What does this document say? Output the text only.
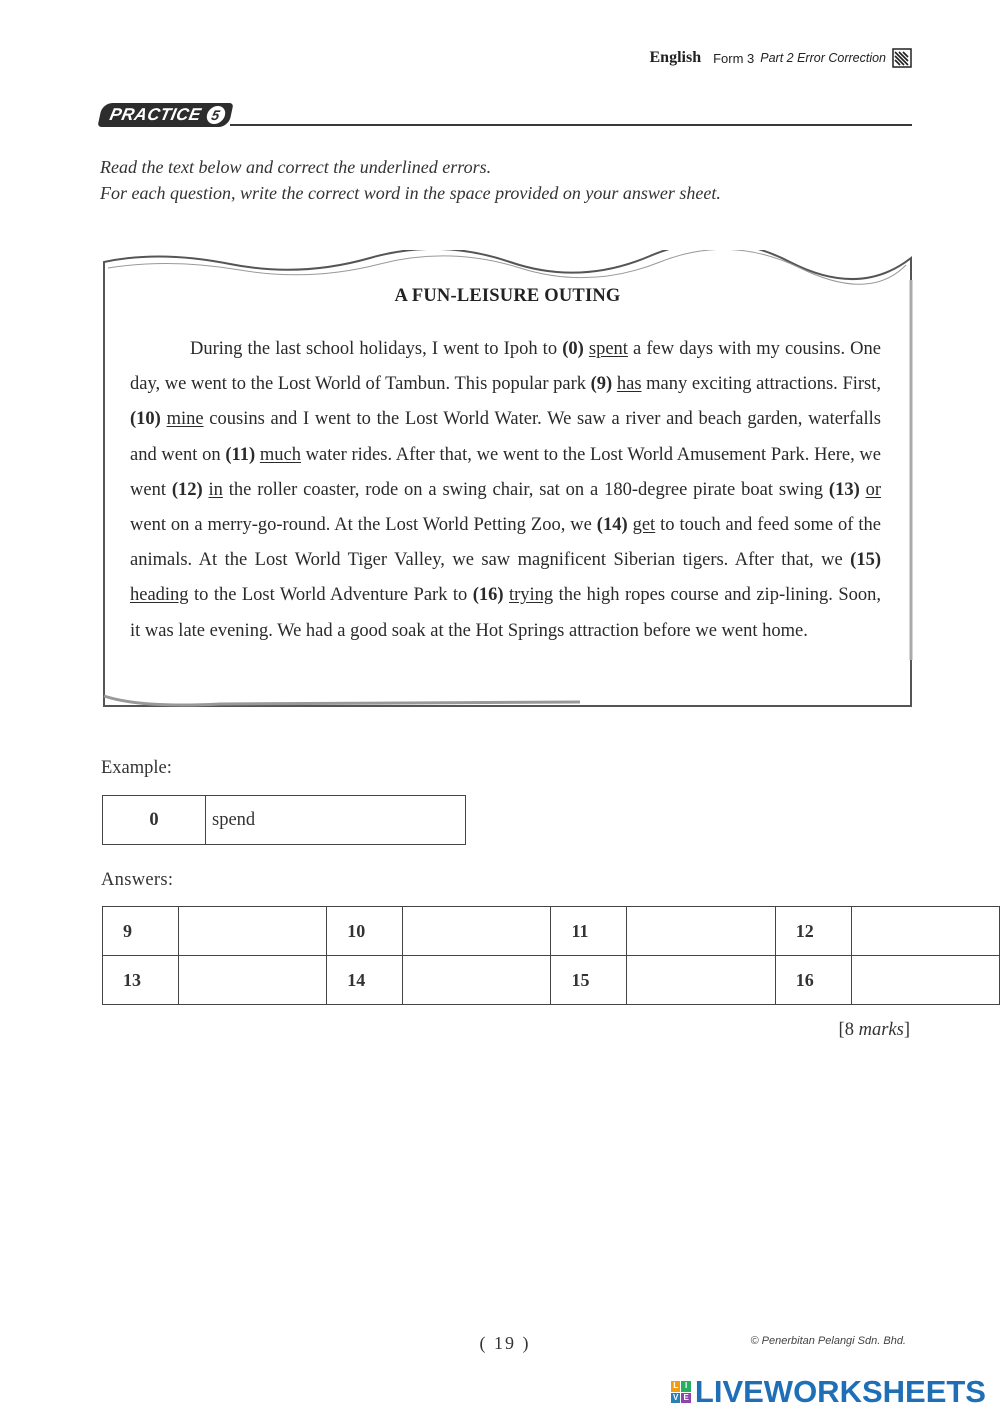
English Form 3 Part 2 Error Correction
PRACTICE 5
Read the text below and correct the underlined errors.
For each question, write the correct word in the space provided on your answer sheet.
A FUN-LEISURE OUTING
During the last school holidays, I went to Ipoh to (0) spent a few days with my cousins. One day, we went to the Lost World of Tambun. This popular park (9) has many exciting attractions. First, (10) mine cousins and I went to the Lost World Water. We saw a river and beach garden, waterfalls and went on (11) much water rides. After that, we went to the Lost World Amusement Park. Here, we went (12) in the roller coaster, rode on a swing chair, sat on a 180-degree pirate boat swing (13) or went on a merry-go-round. At the Lost World Petting Zoo, we (14) get to touch and feed some of the animals. At the Lost World Tiger Valley, we saw magnificent Siberian tigers. After that, we (15) heading to the Lost World Adventure Park to (16) trying the high ropes course and zip-lining. Soon, it was late evening. We had a good soak at the Hot Springs attraction before we went home.
Example:
0	spend
Answers:
9		10		11		12	
13		14		15		16	
[8 marks]
( 19 )	© Penerbitan Pelangi Sdn. Bhd.
L I
V E LIVEWORKSHEETS
